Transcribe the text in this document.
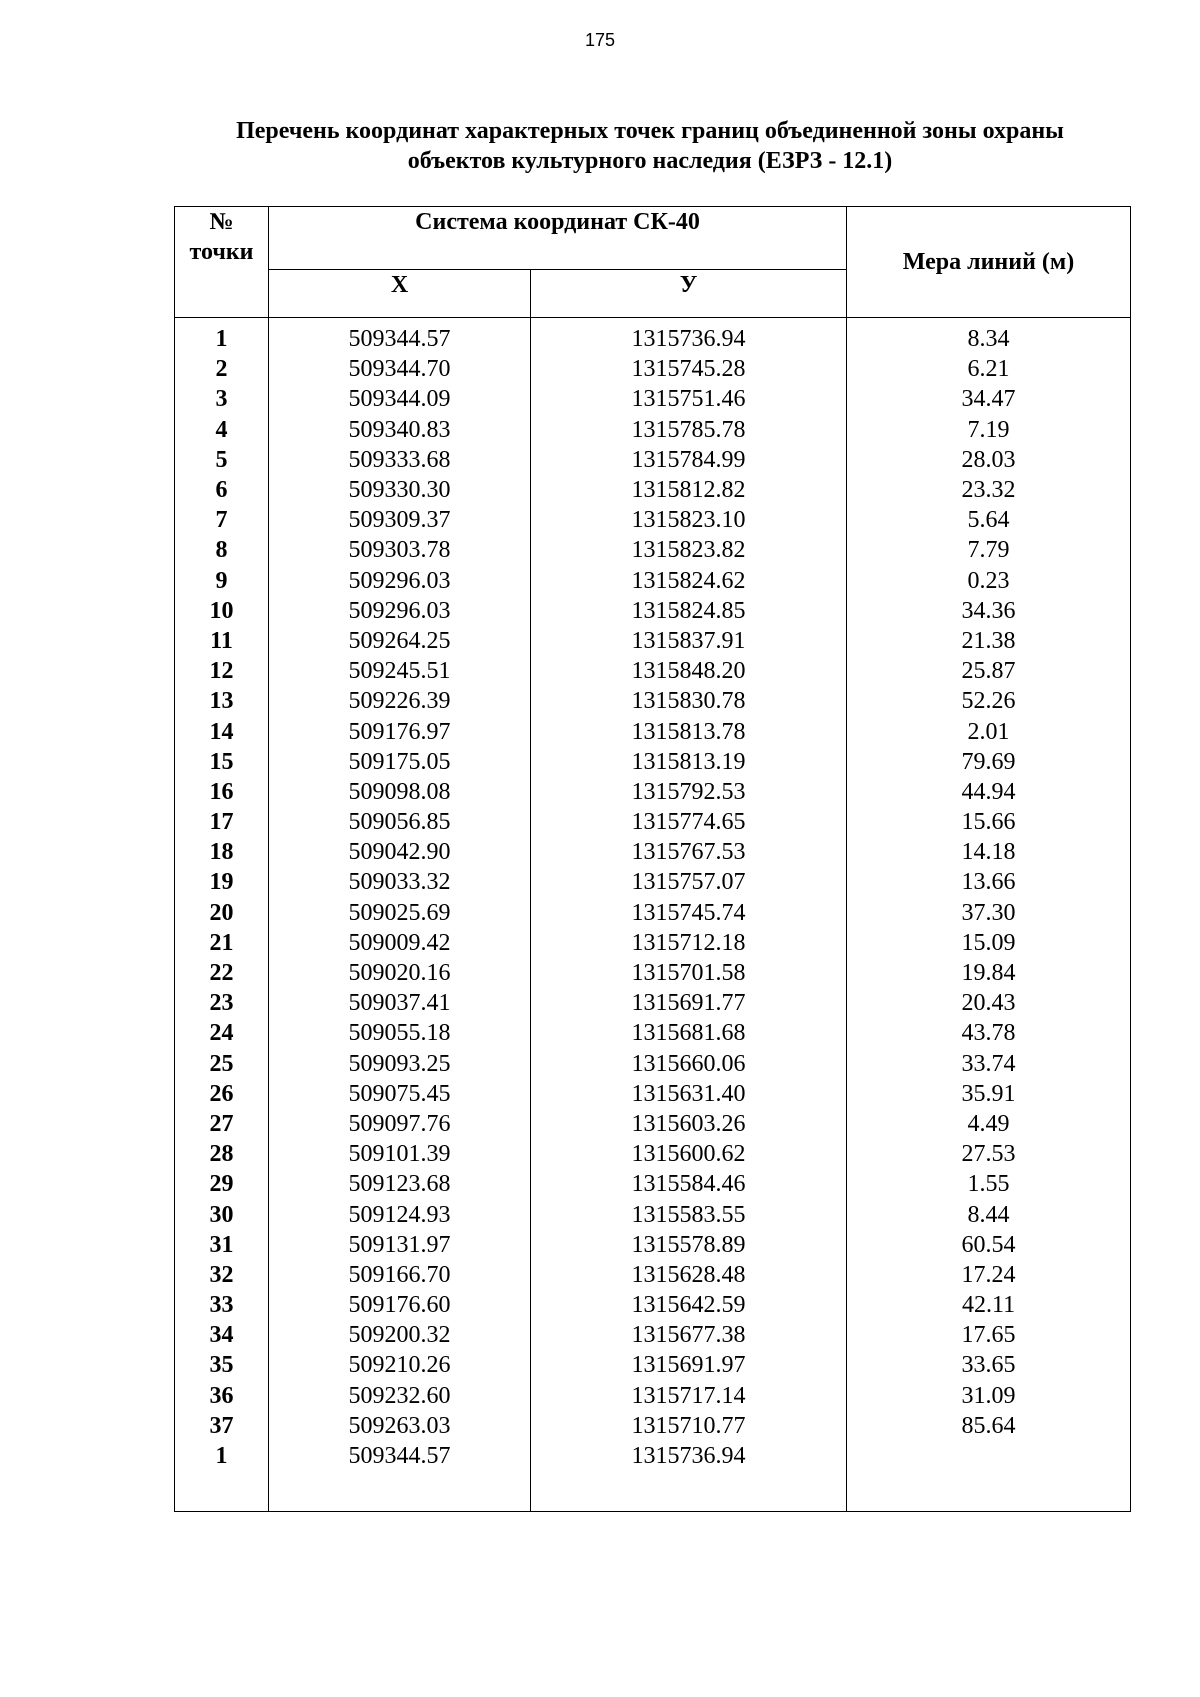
175
Перечень координат характерных точек границ объединенной зоны охраны
объектов культурного наследия (ЕЗРЗ - 12.1)
№
точки	Система координат СК-40		Мера линий (м)
	X	У	
1	509344.57	1315736.94	8.34
2	509344.70	1315745.28	6.21
3	509344.09	1315751.46	34.47
4	509340.83	1315785.78	7.19
5	509333.68	1315784.99	28.03
6	509330.30	1315812.82	23.32
7	509309.37	1315823.10	5.64
8	509303.78	1315823.82	7.79
9	509296.03	1315824.62	0.23
10	509296.03	1315824.85	34.36
11	509264.25	1315837.91	21.38
12	509245.51	1315848.20	25.87
13	509226.39	1315830.78	52.26
14	509176.97	1315813.78	2.01
15	509175.05	1315813.19	79.69
16	509098.08	1315792.53	44.94
17	509056.85	1315774.65	15.66
18	509042.90	1315767.53	14.18
19	509033.32	1315757.07	13.66
20	509025.69	1315745.74	37.30
21	509009.42	1315712.18	15.09
22	509020.16	1315701.58	19.84
23	509037.41	1315691.77	20.43
24	509055.18	1315681.68	43.78
25	509093.25	1315660.06	33.74
26	509075.45	1315631.40	35.91
27	509097.76	1315603.26	4.49
28	509101.39	1315600.62	27.53
29	509123.68	1315584.46	1.55
30	509124.93	1315583.55	8.44
31	509131.97	1315578.89	60.54
32	509166.70	1315628.48	17.24
33	509176.60	1315642.59	42.11
34	509200.32	1315677.38	17.65
35	509210.26	1315691.97	33.65
36	509232.60	1315717.14	31.09
37	509263.03	1315710.77	85.64
1	509344.57	1315736.94	
